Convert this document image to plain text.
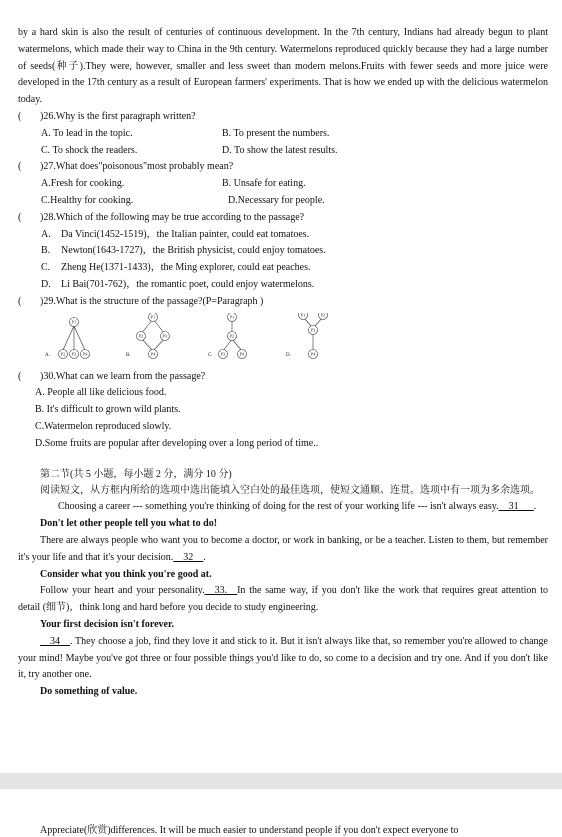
by a hard skin is also the result of centuries of continuous development. In the 7th century, Indians had already begun to plant watermelons, which made their way to China in the 9th century. Watermelons reproduced quickly because they had a large number of seeds(种子).They were, however, smaller and less sweet than modern melons.Fruits with fewer seeds and more juice were developed in the 17th century as a result of European farmers' experiments. That is how we ended up with the delicious watermelon today.

( )26.Why is the first paragraph written?
A. To lead in the topic.	B. To present the numbers.
C. To shock the readers.	D. To show the latest results.
( )27.What does"poisonous"most probably mean?
A.Fresh for cooking.	B. Unsafe for eating.
C.Healthy for cooking.	D.Necessary for people.
( )28.Which of the following may be true according to the passage?
A. Da Vinci(1452-1519)，the Italian painter, could eat tomatoes.
B. Newton(1643-1727)，the British physicist, could enjoy tomatoes.
C. Zheng He(1371-1433)，the Ming explorer, could eat peaches.
D. Li Bai(701-762)，the romantic poet, could enjoy watermelons.
( )29.What is the structure of the passage?(P=Paragraph )
A.
P1
P2 P3 P4	B.
P1
P2	P3
P4	C.
P1
P2
P3	P4	D.
P1	P2
P3
P4
( )30.What can we learn from the passage?
A. People all like delicious food.
B. It's difficult to grown wild plants.
C.Watermelon reproduced slowly.
D.Some fruits are popular after developing over a long period of time..
第二节(共 5 小题，每小题 2 分，满分 10 分)

阅读短文，从方框内所给的选项中选出能填入空白处的最佳选项，使短文通顺、连贯。选项中有一项为多余选项。

Choosing a career --- something you're thinking of doing for the rest of your working life --- isn't always easy.__31___.

Don't let other people tell you what to do!

There are always people who want you to become a doctor, or work in banking, or be a teacher. Listen to them, but remember it's your life and that it's your decision.__32__.

Consider what you think you're good at.

Follow your heart and your personality.__33.__In the same way, if you don't like the work that requires great attention to detail (细节)，think long and hard before you decide to study engineering.

Your first decision isn't forever.

__34__. They choose a job, find they love it and stick to it. But it isn't always like that, so remember you're allowed to change your mind! Maybe you've got three or four possible things you'd like to do, so come to a decision and try one. And if you don't like it, try another one.

Do something of value.
Appreciate(欣赏)differences. It will be much easier to understand people if you don't expect everyone to
